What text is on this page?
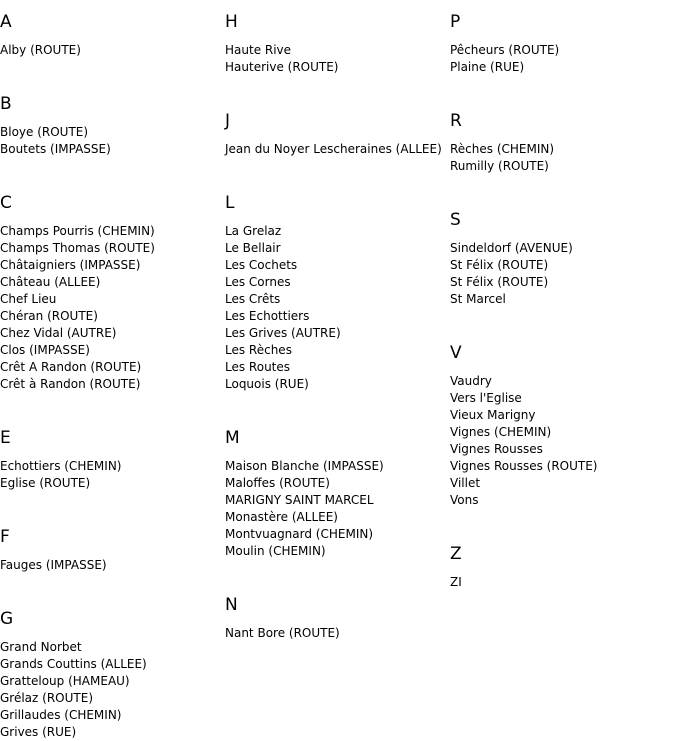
A
Alby (ROUTE)
B
Bloye (ROUTE)
Boutets (IMPASSE)
C
Champs Pourris (CHEMIN)
Champs Thomas (ROUTE)
Châtaigniers (IMPASSE)
Château (ALLEE)
Chef Lieu
Chéran (ROUTE)
Chez Vidal (AUTRE)
Clos (IMPASSE)
Crêt A Randon (ROUTE)
Crêt à Randon (ROUTE)
E
Echottiers (CHEMIN)
Eglise (ROUTE)
F
Fauges (IMPASSE)
G
Grand Norbet
Grands Couttins (ALLEE)
Gratteloup (HAMEAU)
Grélaz (ROUTE)
Grillaudes (CHEMIN)
Grives (RUE)
H
Haute Rive
Hauterive (ROUTE)
J
Jean du Noyer Lescheraines (ALLEE)
L
La Grelaz
Le Bellair
Les Cochets
Les Cornes
Les Crêts
Les Echottiers
Les Grives (AUTRE)
Les Rèches
Les Routes
Loquois (RUE)
M
Maison Blanche (IMPASSE)
Maloffes (ROUTE)
MARIGNY SAINT MARCEL
Monastère (ALLEE)
Montvuagnard (CHEMIN)
Moulin (CHEMIN)
N
Nant Bore (ROUTE)
P
Pêcheurs (ROUTE)
Plaine (RUE)
R
Rèches (CHEMIN)
Rumilly (ROUTE)
S
Sindeldorf (AVENUE)
St Félix (ROUTE)
St Félix (ROUTE)
St Marcel
V
Vaudry
Vers l'Eglise
Vieux Marigny
Vignes (CHEMIN)
Vignes Rousses
Vignes Rousses (ROUTE)
Villet
Vons
Z
ZI
